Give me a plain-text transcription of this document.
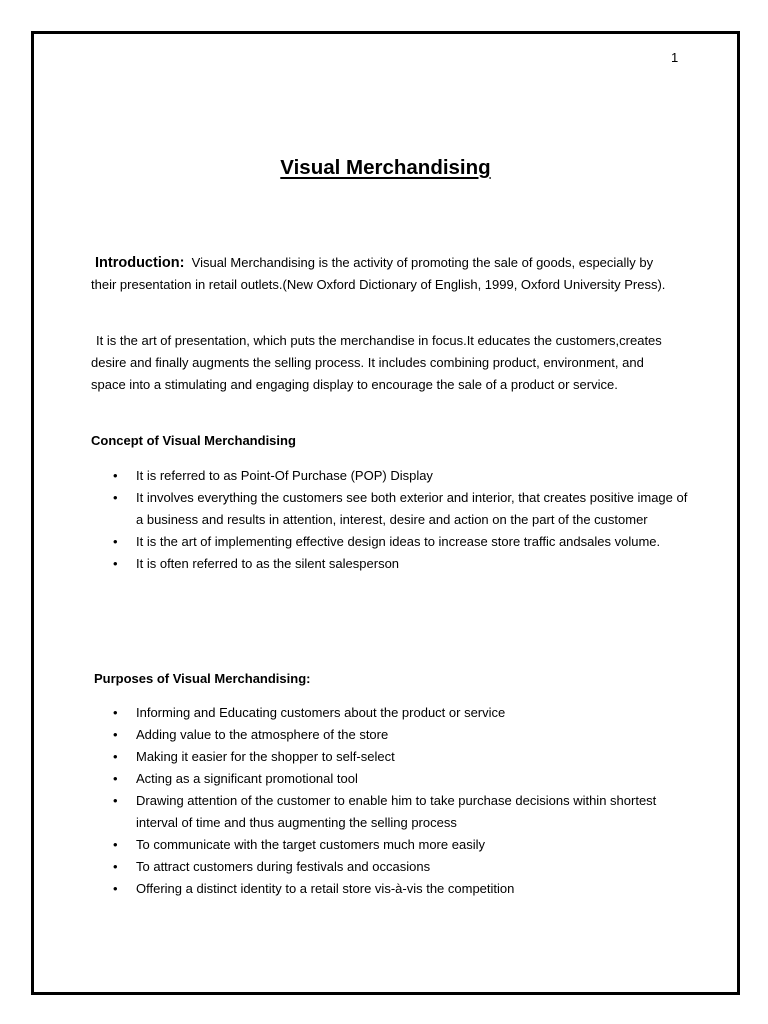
1
Visual Merchandising
Introduction: Visual Merchandising is the activity of promoting the sale of goods, especially by their presentation in retail outlets.(New Oxford Dictionary of English, 1999, Oxford University Press).
It is the art of presentation, which puts the merchandise in focus.It educates the customers,creates desire and finally augments the selling process. It includes combining product, environment, and space into a stimulating and engaging display to encourage the sale of a product or service.
Concept of Visual Merchandising
• It is referred to as Point-Of Purchase (POP) Display
• It involves everything the customers see both exterior and interior, that creates positive image of a business and results in attention, interest, desire and action on the part of the customer
• It is the art of implementing effective design ideas to increase store traffic andsales volume.
• It is often referred to as the silent salesperson
Purposes of Visual Merchandising:
• Informing and Educating customers about the product or service
• Adding value to the atmosphere of the store
• Making it easier for the shopper to self-select
• Acting as a significant promotional tool
• Drawing attention of the customer to enable him to take purchase decisions within shortest interval of time and thus augmenting the selling process
• To communicate with the target customers much more easily
• To attract customers during festivals and occasions
• Offering a distinct identity to a retail store vis-à-vis the competition
